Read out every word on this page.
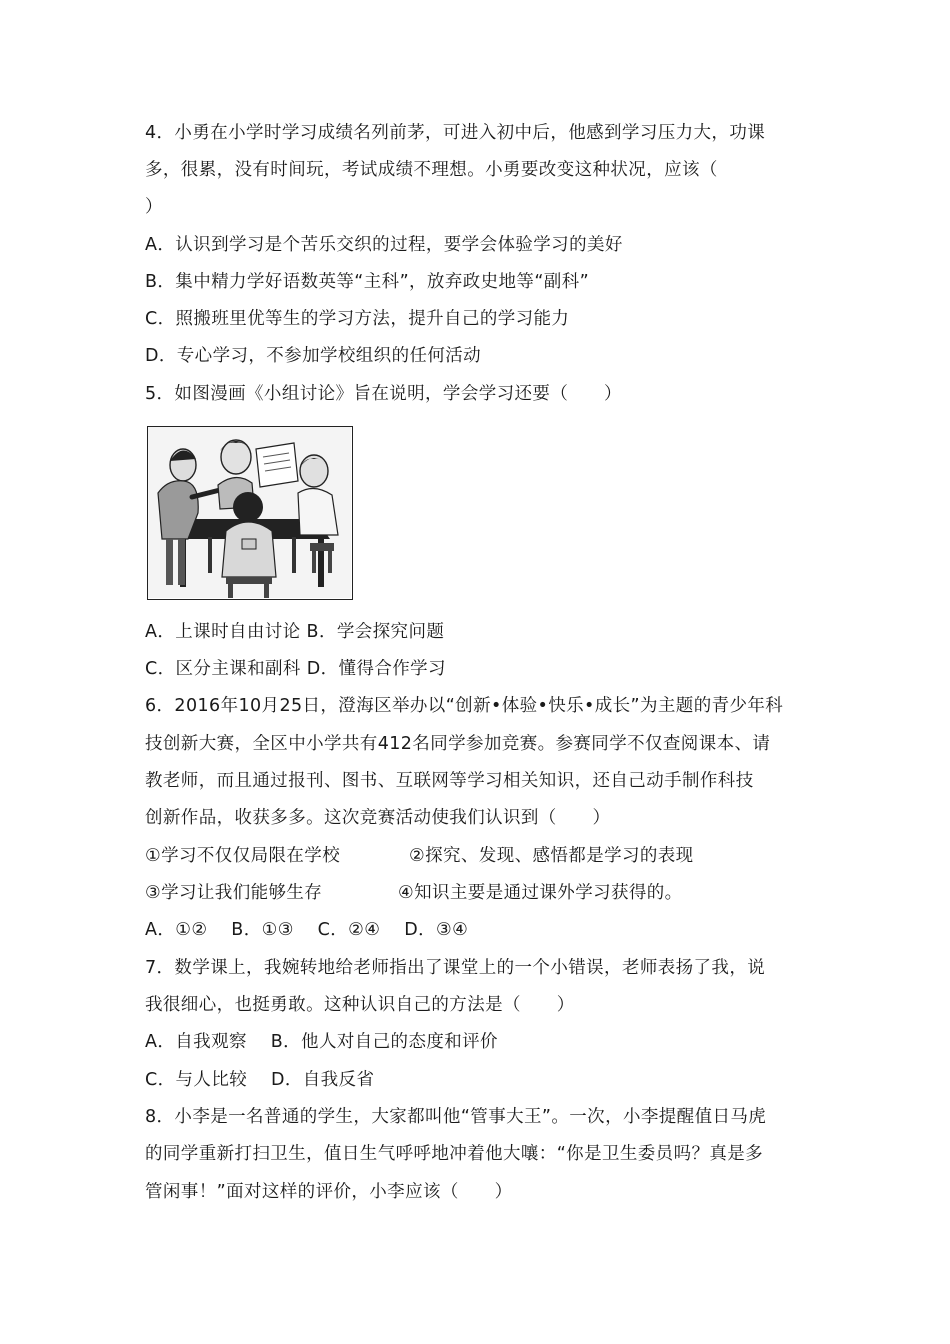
4．小勇在小学时学习成绩名列前茅，可进入初中后，他感到学习压力大，功课
多，很累，没有时间玩，考试成绩不理想。小勇要改变这种状况，应该（
）
A．认识到学习是个苦乐交织的过程，要学会体验学习的美好
B．集中精力学好语数英等“主科”，放弃政史地等“副科”
C．照搬班里优等生的学习方法，提升自己的学习能力
D．专心学习，不参加学校组织的任何活动
5．如图漫画《小组讨论》旨在说明，学会学习还要（　　）
A．上课时自由讨论 B．学会探究问题
C．区分主课和副科 D．懂得合作学习
6．2016年10月25日，澄海区举办以“创新•体验•快乐•成长”为主题的青少年科
技创新大赛，全区中小学共有412名同学参加竞赛。参赛同学不仅查阅课本、请
教老师，而且通过报刊、图书、互联网等学习相关知识，还自己动手制作科技
创新作品，收获多多。这次竞赛活动使我们认识到（　　）
①学习不仅仅局限在学校	②探究、发现、感悟都是学习的表现
③学习让我们能够生存	④知识主要是通过课外学习获得的。
A．①②　 B．①③　 C．②④　 D．③④
7．数学课上，我婉转地给老师指出了课堂上的一个小错误，老师表扬了我，说
我很细心，也挺勇敢。这种认识自己的方法是（　　）
A．自我观察　 B．他人对自己的态度和评价
C．与人比较　 D．自我反省
8．小李是一名普通的学生，大家都叫他“管事大王”。一次，小李提醒值日马虎
的同学重新打扫卫生，值日生气呼呼地冲着他大嚷：“你是卫生委员吗？真是多
管闲事！”面对这样的评价，小李应该（　　）
